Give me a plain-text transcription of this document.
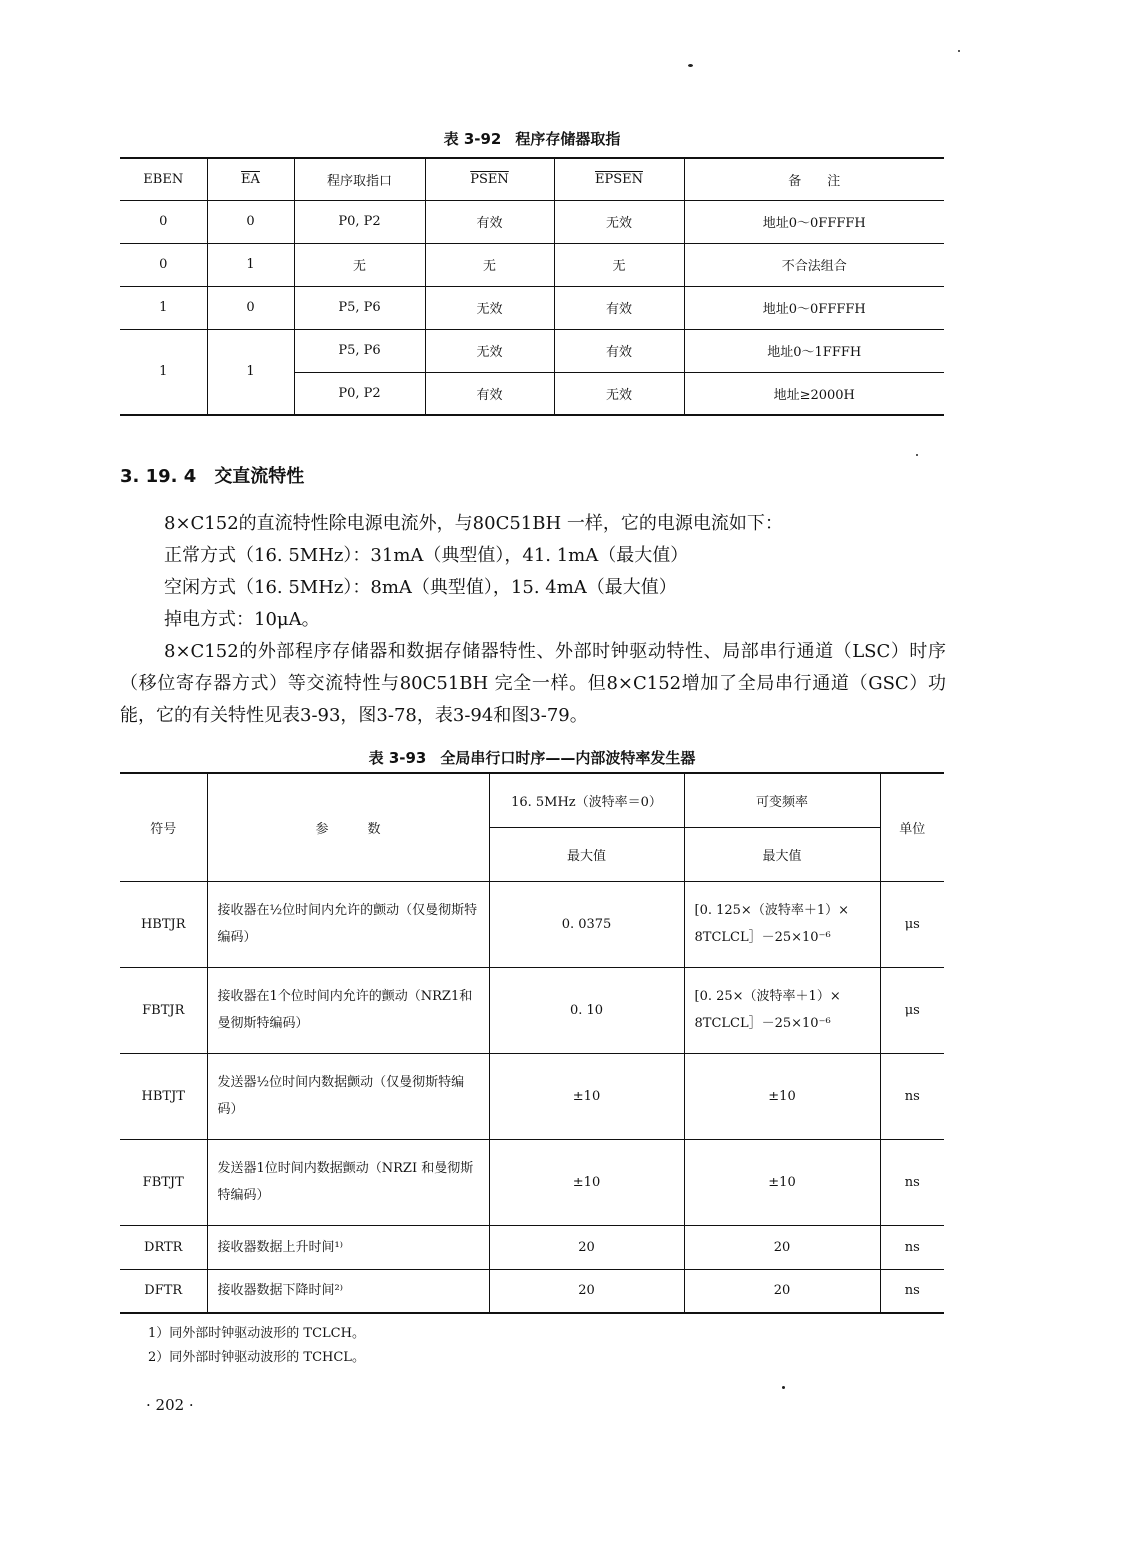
表 3-92 程序存储器取指
EBEN	$\overline{EA}$	程序取指口	PSEN	EPSEN	备　　注
0	0	P0, P2	有效	无效	地址0～0FFFFH
0	1	无	无	无	不合法组合
1	0	P5, P6	无效	有效	地址0～0FFFFH
1	1	P5, P6	无效	有效	地址0～1FFFH
		P0, P2	有效	无效	地址≥2000H
3. 19. 4 交直流特性
8×C152的直流特性除电源电流外，与80C51BH 一样，它的电源电流如下：
正常方式（16. 5MHz）：31mA（典型值），41. 1mA（最大值）
空闲方式（16. 5MHz）：8mA（典型值），15. 4mA（最大值）
掉电方式：10μA。
8×C152的外部程序存储器和数据存储器特性、外部时钟驱动特性、局部串行通道（LSC）时序（移位寄存器方式）等交流特性与80C51BH 完全一样。但8×C152增加了全局串行通道（GSC）功能，它的有关特性见表3-93，图3-78，表3-94和图3-79。
表 3-93 全局串行口时序——内部波特率发生器
符号	参　　　数	16. 5MHz（波特率＝0）	可变频率	单位
		最大值	最大值	
HBTJR	接收器在½位时间内允许的颤动（仅曼彻斯特编码）	0. 0375	[0. 125×（波特率＋1）×
8TCLCL］－25×10⁻⁶	μs
FBTJR	接收器在1个位时间内允许的颤动（NRZ1和曼彻斯特编码）	0. 10	[0. 25×（波特率＋1）×
8TCLCL］－25×10⁻⁶	μs
HBTJT	发送器½位时间内数据颤动（仅曼彻斯特编码）	±10	±10	ns
FBTJT	发送器1位时间内数据颤动（NRZI 和曼彻斯特编码）	±10	±10	ns
DRTR	接收器数据上升时间¹⁾	20	20	ns
DFTR	接收器数据下降时间²⁾	20	20	ns
1）同外部时钟驱动波形的 TCLCH。
2）同外部时钟驱动波形的 TCHCL。
· 202 ·
